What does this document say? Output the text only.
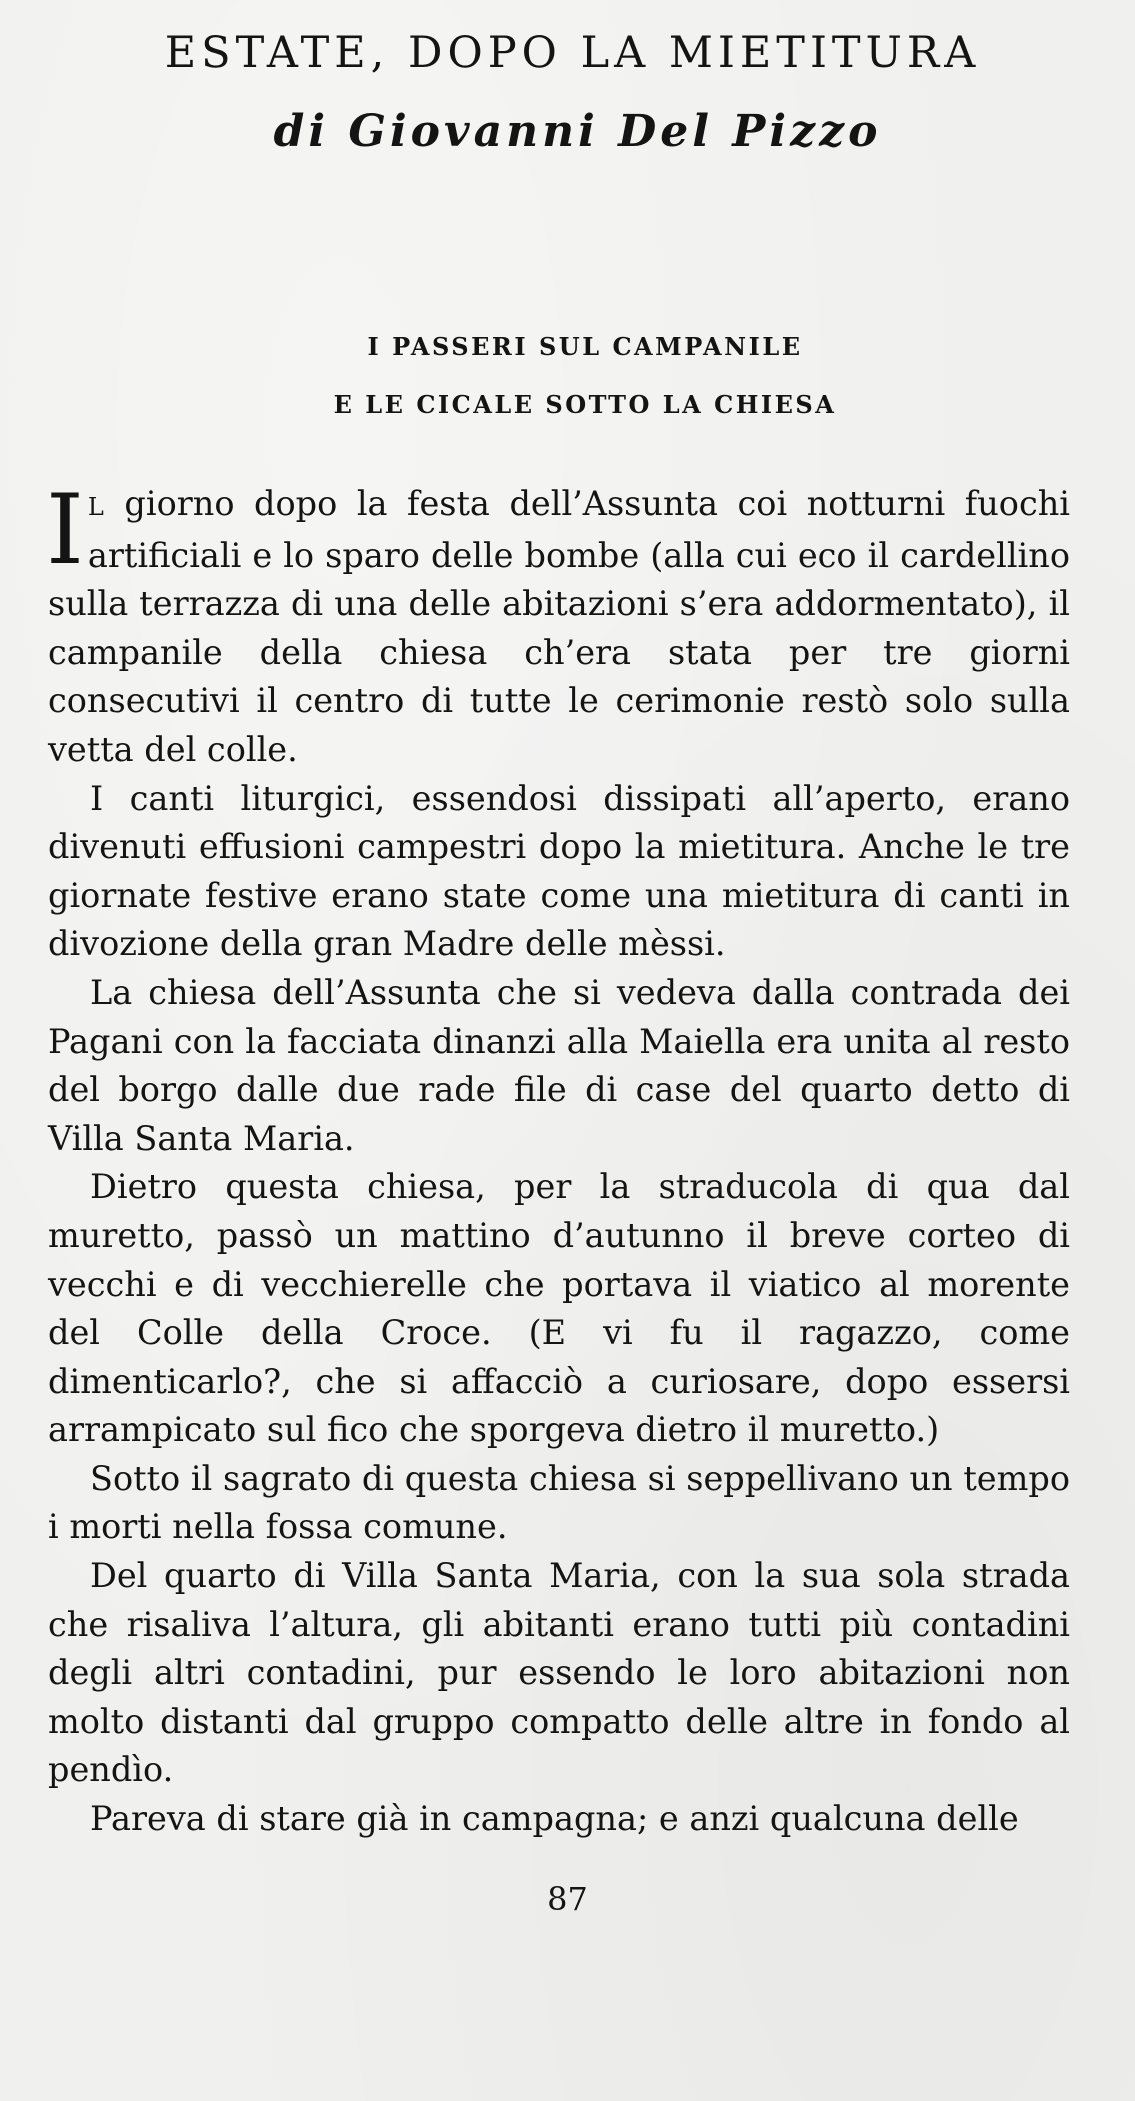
ESTATE, DOPO LA MIETITURA
di Giovanni Del Pizzo
I PASSERI SUL CAMPANILE
E LE CICALE SOTTO LA CHIESA

I L giorno dopo la festa dell’Assunta coi notturni fuochi artificiali e lo sparo delle bombe (alla cui eco il cardellino sulla terrazza di una delle abitazioni s’era addormentato), il campanile della chiesa ch’era stata per tre giorni consecutivi il centro di tutte le cerimonie restò solo sulla vetta del colle.

I canti liturgici, essendosi dissipati all’aperto, erano divenuti effusioni campestri dopo la mietitura. Anche le tre giornate festive erano state come una mietitura di canti in divozione della gran Madre delle mèssi.

La chiesa dell’Assunta che si vedeva dalla contrada dei Pagani con la facciata dinanzi alla Maiella era unita al resto del borgo dalle due rade file di case del quarto detto di Villa Santa Maria.

Dietro questa chiesa, per la straducola di qua dal muretto, passò un mattino d’autunno il breve corteo di vecchi e di vecchierelle che portava il viatico al morente del Colle della Croce. (E vi fu il ragazzo, come dimenticarlo?, che si affacciò a curiosare, dopo essersi arrampicato sul fico che sporgeva dietro il muretto.)

Sotto il sagrato di questa chiesa si seppellivano un tempo i morti nella fossa comune.

Del quarto di Villa Santa Maria, con la sua sola strada che risaliva l’altura, gli abitanti erano tutti più contadini degli altri contadini, pur essendo le loro abitazioni non molto distanti dal gruppo compatto delle altre in fondo al pendìo.

Pareva di stare già in campagna; e anzi qualcuna delle

87
